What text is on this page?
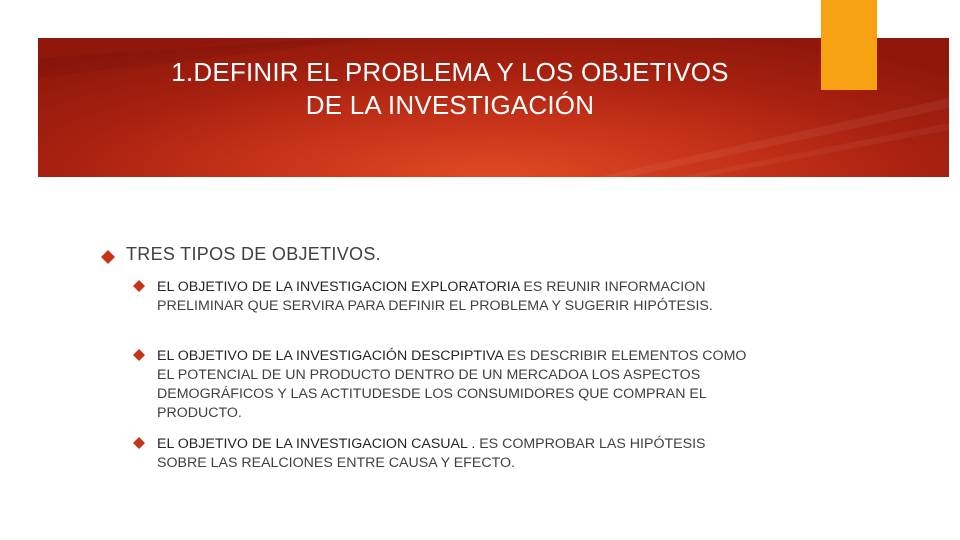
1.DEFINIR EL PROBLEMA Y LOS OBJETIVOS
DE LA INVESTIGACIÓN
TRES TIPOS DE OBJETIVOS.
EL OBJETIVO DE LA INVESTIGACION EXPLORATORIA ES REUNIR INFORMACION PRELIMINAR QUE SERVIRA PARA DEFINIR EL PROBLEMA Y SUGERIR HIPÓTESIS.
EL OBJETIVO DE LA INVESTIGACIÓN DESCPIPTIVA ES DESCRIBIR ELEMENTOS COMO EL POTENCIAL DE UN PRODUCTO DENTRO DE UN MERCADOA LOS ASPECTOS DEMOGRÁFICOS Y LAS ACTITUDESDE LOS CONSUMIDORES QUE COMPRAN EL PRODUCTO.
EL OBJETIVO DE LA INVESTIGACION CASUAL . ES COMPROBAR LAS HIPÓTESIS SOBRE LAS REALCIONES ENTRE CAUSA Y EFECTO.
